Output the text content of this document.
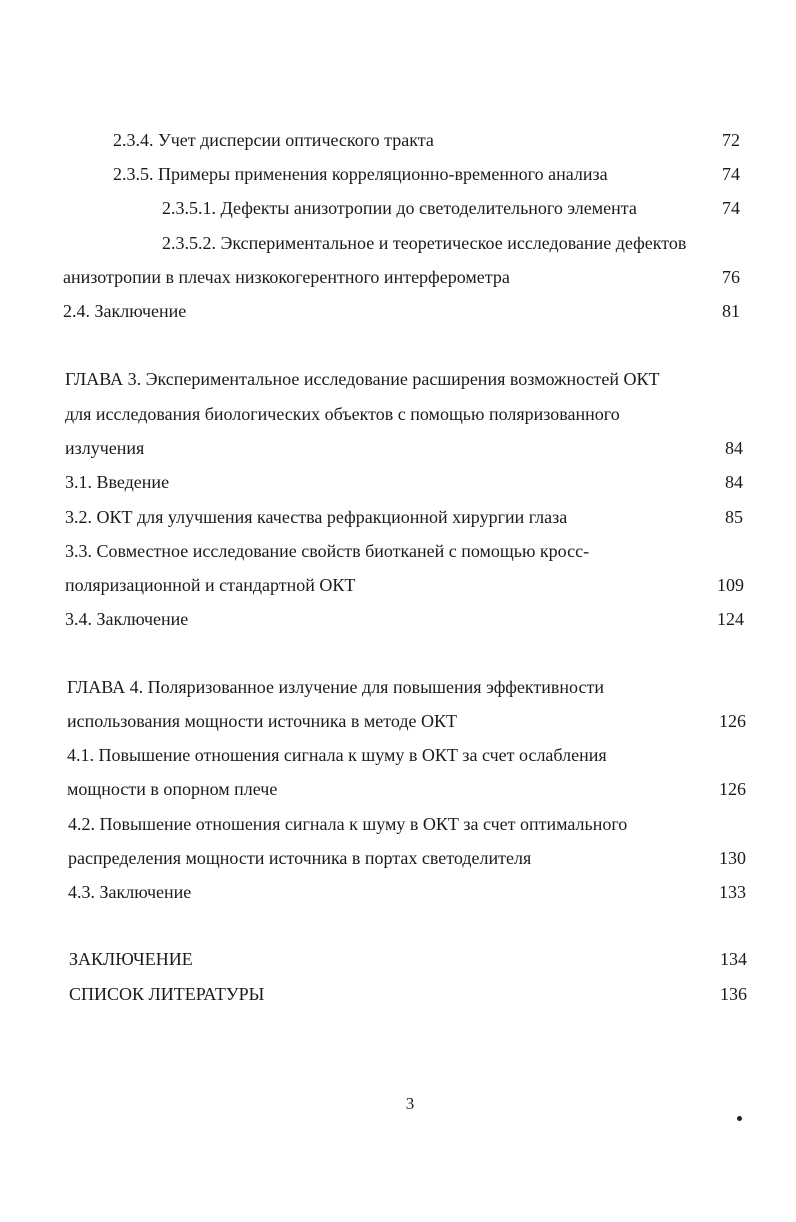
2.3.4. Учет дисперсии оптического тракта	72
2.3.5. Примеры применения корреляционно-временного анализа	74
2.3.5.1. Дефекты анизотропии до светоделительного элемента	74
2.3.5.2. Экспериментальное и теоретическое исследование дефектов
анизотропии в плечах низкокогерентного интерферометра	76
2.4. Заключение	81
ГЛАВА 3. Экспериментальное исследование расширения возможностей ОКТ
для исследования биологических объектов с помощью поляризованного
излучения	84
3.1. Введение	84
3.2. ОКТ для улучшения качества рефракционной хирургии глаза	85
3.3. Совместное исследование свойств биотканей с помощью кросс-
поляризационной и стандартной ОКТ	109
3.4. Заключение	124
ГЛАВА 4. Поляризованное излучение для повышения эффективности
использования мощности источника в методе ОКТ	126
4.1. Повышение отношения сигнала к шуму в ОКТ за счет ослабления
мощности в опорном плече	126
4.2. Повышение отношения сигнала к шуму в ОКТ за счет оптимального
распределения мощности источника в портах светоделителя	130
4.3. Заключение	133
ЗАКЛЮЧЕНИЕ	134
СПИСОК ЛИТЕРАТУРЫ	136
3
